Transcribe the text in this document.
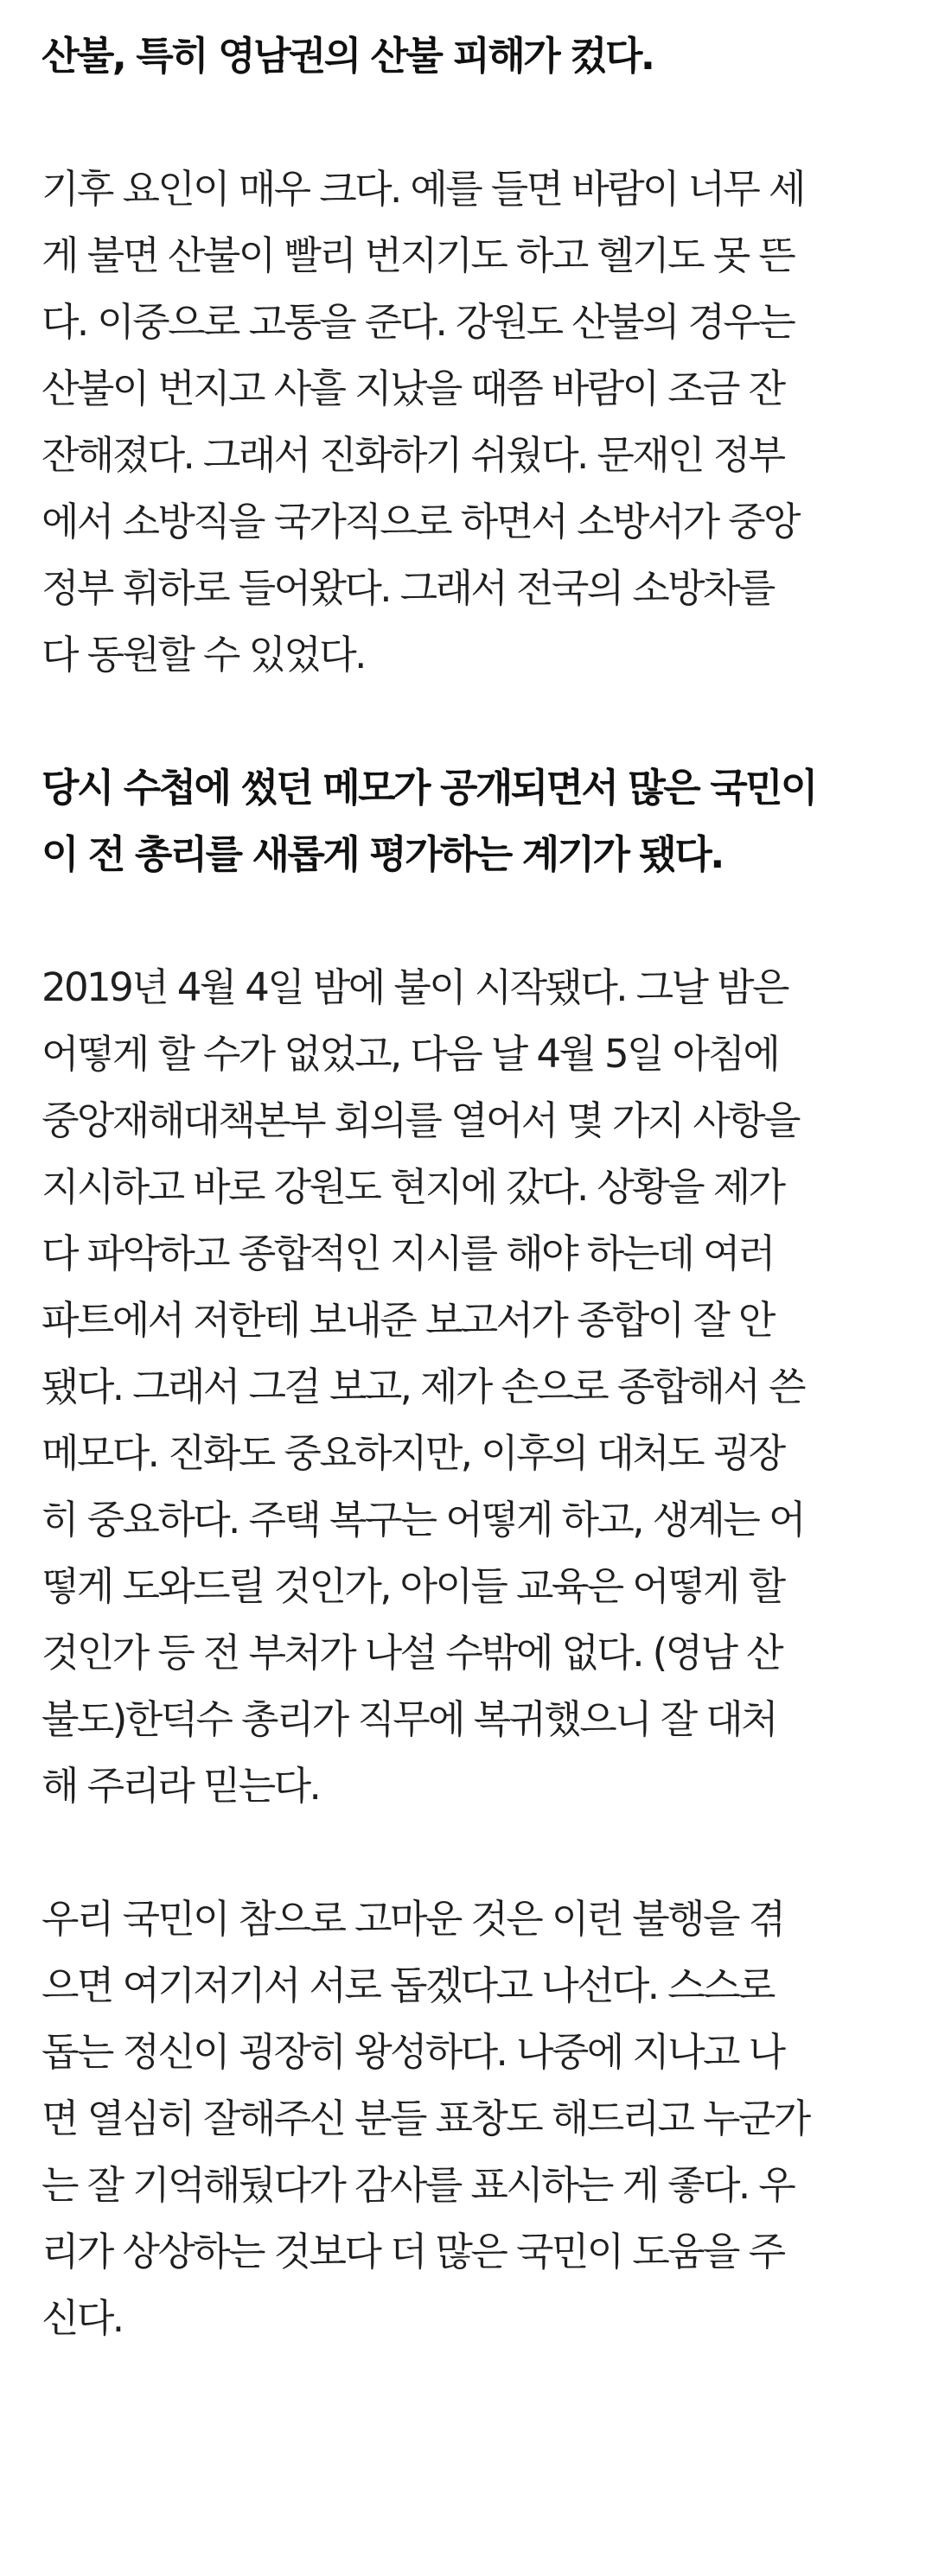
산불, 특히 영남권의 산불 피해가 컸다.

기후 요인이 매우 크다. 예를 들면 바람이 너무 세
게 불면 산불이 빨리 번지기도 하고 헬기도 못 뜬
다. 이중으로 고통을 준다. 강원도 산불의 경우는
산불이 번지고 사흘 지났을 때쯤 바람이 조금 잔
잔해졌다. 그래서 진화하기 쉬웠다. 문재인 정부
에서 소방직을 국가직으로 하면서 소방서가 중앙
정부 휘하로 들어왔다. 그래서 전국의 소방차를
다 동원할 수 있었다.

당시 수첩에 썼던 메모가 공개되면서 많은 국민이
이 전 총리를 새롭게 평가하는 계기가 됐다.

2019년 4월 4일 밤에 불이 시작됐다. 그날 밤은
어떻게 할 수가 없었고, 다음 날 4월 5일 아침에
중앙재해대책본부 회의를 열어서 몇 가지 사항을
지시하고 바로 강원도 현지에 갔다. 상황을 제가
다 파악하고 종합적인 지시를 해야 하는데 여러
파트에서 저한테 보내준 보고서가 종합이 잘 안
됐다. 그래서 그걸 보고, 제가 손으로 종합해서 쓴
메모다. 진화도 중요하지만, 이후의 대처도 굉장
히 중요하다. 주택 복구는 어떻게 하고, 생계는 어
떻게 도와드릴 것인가, 아이들 교육은 어떻게 할
것인가 등 전 부처가 나설 수밖에 없다. (영남 산
불도)한덕수 총리가 직무에 복귀했으니 잘 대처
해 주리라 믿는다.

우리 국민이 참으로 고마운 것은 이런 불행을 겪
으면 여기저기서 서로 돕겠다고 나선다. 스스로
돕는 정신이 굉장히 왕성하다. 나중에 지나고 나
면 열심히 잘해주신 분들 표창도 해드리고 누군가
는 잘 기억해뒀다가 감사를 표시하는 게 좋다. 우
리가 상상하는 것보다 더 많은 국민이 도움을 주
신다.
